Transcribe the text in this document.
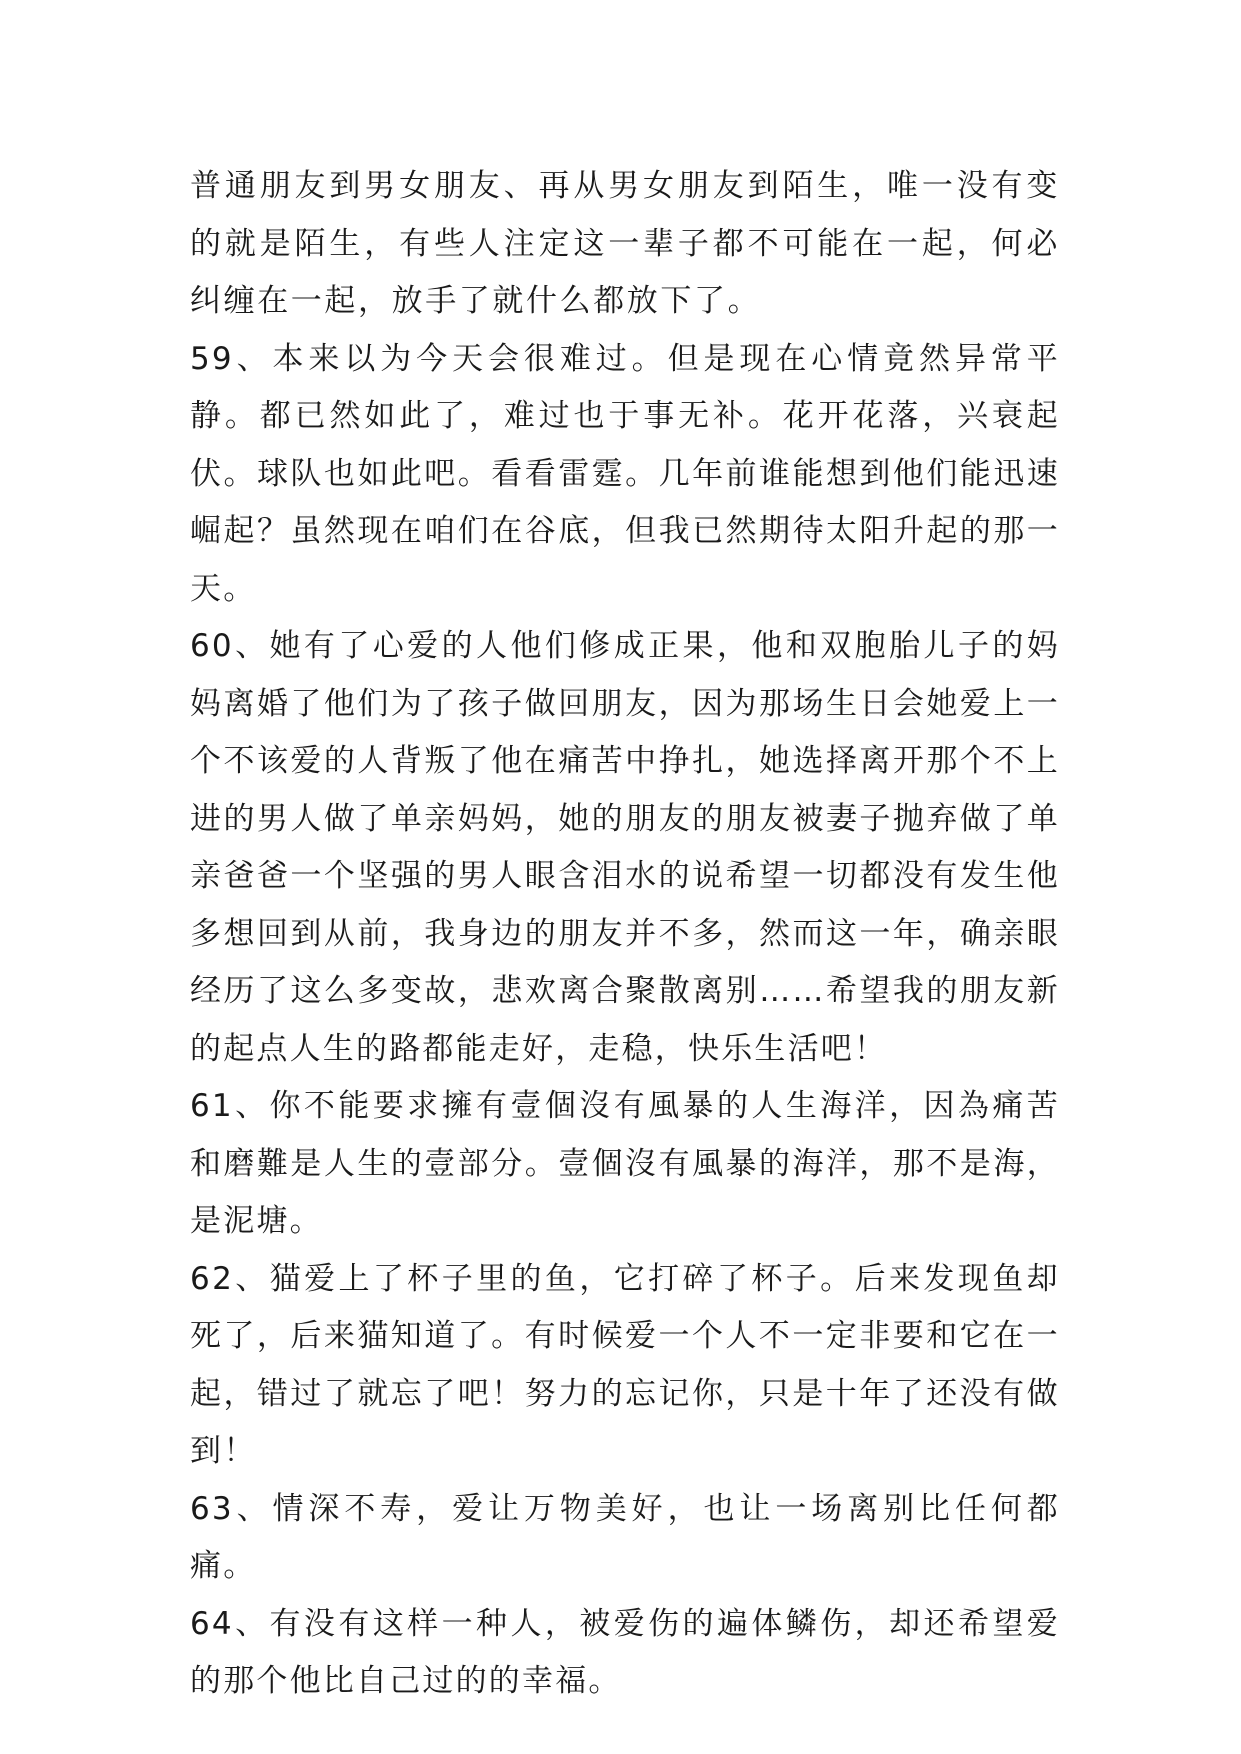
普通朋友到男女朋友、再从男女朋友到陌生，唯一没有变的就是陌生，有些人注定这一辈子都不可能在一起，何必纠缠在一起，放手了就什么都放下了。

59、本来以为今天会很难过。但是现在心情竟然异常平静。都已然如此了，难过也于事无补。花开花落，兴衰起伏。球队也如此吧。看看雷霆。几年前谁能想到他们能迅速崛起？虽然现在咱们在谷底，但我已然期待太阳升起的那一天。

60、她有了心爱的人他们修成正果，他和双胞胎儿子的妈妈离婚了他们为了孩子做回朋友，因为那场生日会她爱上一个不该爱的人背叛了他在痛苦中挣扎，她选择离开那个不上进的男人做了单亲妈妈，她的朋友的朋友被妻子抛弃做了单亲爸爸一个坚强的男人眼含泪水的说希望一切都没有发生他多想回到从前，我身边的朋友并不多，然而这一年，确亲眼经历了这么多变故，悲欢离合聚散离别……希望我的朋友新的起点人生的路都能走好，走稳，快乐生活吧！

61、你不能要求擁有壹個沒有風暴的人生海洋，因為痛苦和磨難是人生的壹部分。壹個沒有風暴的海洋，那不是海，是泥塘。

62、猫爱上了杯子里的鱼，它打碎了杯子。后来发现鱼却死了，后来猫知道了。有时候爱一个人不一定非要和它在一起，错过了就忘了吧！努力的忘记你，只是十年了还没有做到！

63、情深不寿，爱让万物美好，也让一场离别比任何都痛。

64、有没有这样一种人，被爱伤的遍体鳞伤，却还希望爱的那个他比自己过的的幸福。
